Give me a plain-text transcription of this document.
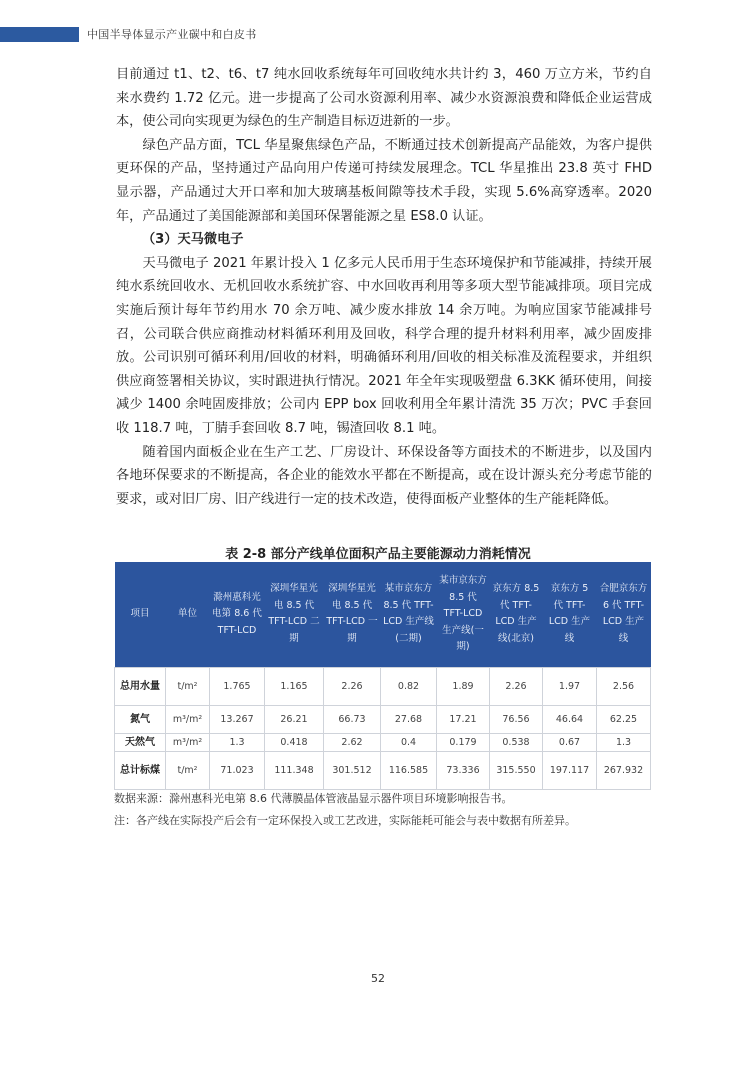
中国半导体显示产业碳中和白皮书

目前通过 t1、t2、t6、t7 纯水回收系统每年可回收纯水共计约 3，460 万立方米，节约自来水费约 1.72 亿元。进一步提高了公司水资源利用率、减少水资源浪费和降低企业运营成本，使公司向实现更为绿色的生产制造目标迈进新的一步。

绿色产品方面，TCL 华星聚焦绿色产品，不断通过技术创新提高产品能效，为客户提供更环保的产品，坚持通过产品向用户传递可持续发展理念。TCL 华星推出 23.8 英寸 FHD 显示器，产品通过大开口率和加大玻璃基板间隙等技术手段，实现 5.6%高穿透率。2020 年，产品通过了美国能源部和美国环保署能源之星 ES8.0 认证。

（3）天马微电子

天马微电子 2021 年累计投入 1 亿多元人民币用于生态环境保护和节能减排，持续开展纯水系统回收水、无机回收水系统扩容、中水回收再利用等多项大型节能减排项。项目完成实施后预计每年节约用水 70 余万吨、减少废水排放 14 余万吨。为响应国家节能减排号召，公司联合供应商推动材料循环利用及回收，科学合理的提升材料利用率，减少固废排放。公司识别可循环利用/回收的材料，明确循环利用/回收的相关标准及流程要求，并组织供应商签署相关协议，实时跟进执行情况。2021 年全年实现吸塑盘 6.3KK 循环使用，间接减少 1400 余吨固废排放；公司内 EPP box 回收利用全年累计清洗 35 万次；PVC 手套回收 118.7 吨，丁腈手套回收 8.7 吨，锡渣回收 8.1 吨。

随着国内面板企业在生产工艺、厂房设计、环保设备等方面技术的不断进步，以及国内各地环保要求的不断提高，各企业的能效水平都在不断提高，或在设计源头充分考虑节能的要求，或对旧厂房、旧产线进行一定的技术改造，使得面板产业整体的生产能耗降低。

表 2-8 部分产线单位面积产品主要能源动力消耗情况
项目	单位	滁州惠科光电第 8.6 代 TFT-LCD	深圳华星光电 8.5 代 TFT-LCD 二期	深圳华星光电 8.5 代 TFT-LCD 一期	某市京东方 8.5 代 TFT-LCD 生产线(二期)	某市京东方 8.5 代 TFT-LCD 生产线(一期)	京东方 8.5 代 TFT-LCD 生产线(北京)	京东方 5 代 TFT-LCD 生产线	合肥京东方 6 代 TFT-LCD 生产线
总用水量	t/m²	1.765	1.165	2.26	0.82	1.89	2.26	1.97	2.56
氮气	m³/m²	13.267	26.21	66.73	27.68	17.21	76.56	46.64	62.25
天然气	m³/m²	1.3	0.418	2.62	0.4	0.179	0.538	0.67	1.3
总计标煤	t/m²	71.023	111.348	301.512	116.585	73.336	315.550	197.117	267.932
数据来源：滁州惠科光电第 8.6 代薄膜晶体管液晶显示器件项目环境影响报告书。
注：各产线在实际投产后会有一定环保投入或工艺改进，实际能耗可能会与表中数据有所差异。
52
